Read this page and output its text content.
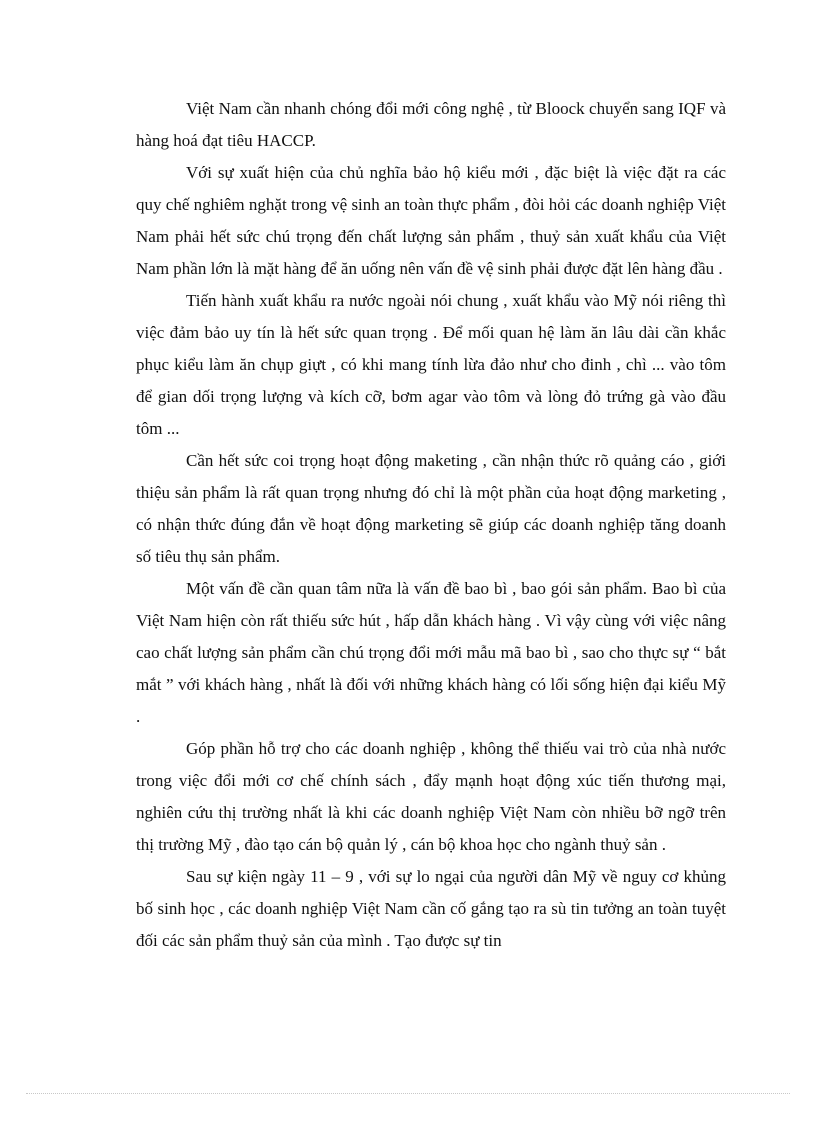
Việt Nam cần nhanh chóng đổi mới công nghệ , từ Bloock chuyển sang IQF và hàng hoá đạt tiêu HACCP.

Với sự xuất hiện của chủ nghĩa bảo hộ kiểu mới , đặc biệt là việc đặt ra các quy chế nghiêm nghặt trong vệ sinh an toàn thực phẩm , đòi hỏi các doanh nghiệp Việt Nam phải hết sức chú trọng đến chất lượng sản phẩm , thuỷ sản xuất khẩu của Việt Nam phần lớn là mặt hàng để ăn uống nên vấn đề vệ sinh phải được đặt lên hàng đầu .

Tiến hành xuất khẩu ra nước ngoài nói chung , xuất khẩu vào Mỹ nói riêng thì việc đảm bảo uy tín là hết sức quan trọng . Để mối quan hệ làm ăn lâu dài cần khắc phục kiểu làm ăn chụp giựt , có khi mang tính lừa đảo như cho đinh , chì ... vào tôm để gian dối trọng lượng và kích cỡ, bơm agar vào tôm và lòng đỏ trứng gà vào đầu tôm ...

Cần hết sức coi trọng hoạt động maketing , cần nhận thức rõ quảng cáo , giới thiệu sản phẩm là rất quan trọng nhưng đó chỉ là một phần của hoạt động marketing , có nhận thức đúng đắn về hoạt động marketing sẽ giúp các doanh nghiệp tăng doanh số tiêu thụ sản phẩm.

Một vấn đề cần quan tâm nữa là vấn đề bao bì , bao gói sản phẩm. Bao bì của Việt Nam hiện còn rất thiếu sức hút , hấp dẫn khách hàng . Vì vậy cùng với việc nâng cao chất lượng sản phẩm cần chú trọng đổi mới mẫu mã bao bì , sao cho thực sự “ bắt mắt ” với khách hàng , nhất là đối với những khách hàng có lối sống hiện đại kiểu Mỹ .

Góp phần hỗ trợ cho các doanh nghiệp , không thể thiếu vai trò của nhà nước trong việc đổi mới cơ chế chính sách , đẩy mạnh hoạt động xúc tiến thương mại, nghiên cứu thị trường nhất là khi các doanh nghiệp Việt Nam còn nhiều bỡ ngỡ trên thị trường Mỹ , đào tạo cán bộ quản lý , cán bộ khoa học cho ngành thuỷ sản .

Sau sự kiện ngày 11 – 9 , với sự lo ngại của người dân Mỹ về nguy cơ khủng bố sinh học , các doanh nghiệp Việt Nam cần cố gắng tạo ra sù tin tưởng an toàn tuyệt đối các sản phẩm thuỷ sản của mình . Tạo được sự tin
